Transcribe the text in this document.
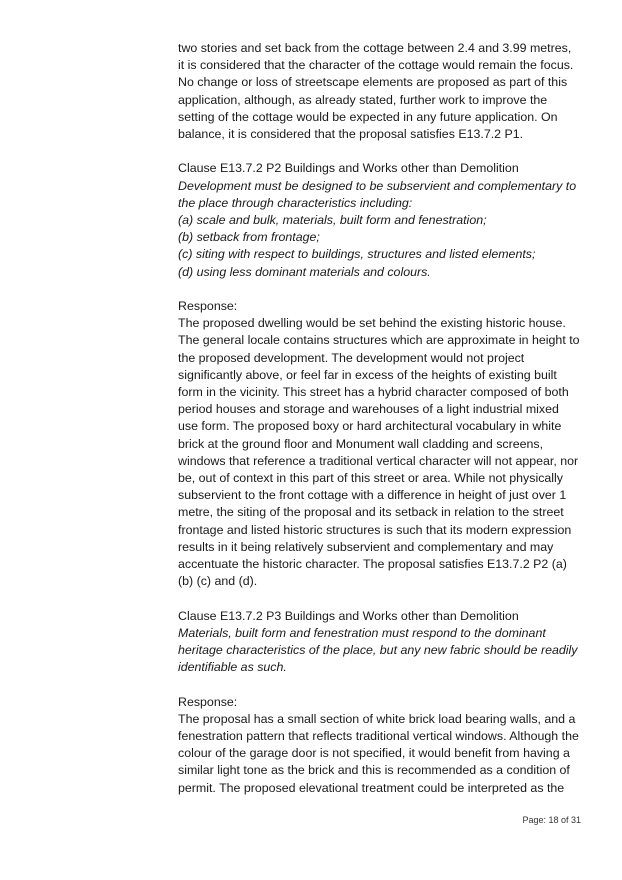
two stories and set back from the cottage between 2.4 and 3.99 metres, it is considered that the character of the cottage would remain the focus. No change or loss of streetscape elements are proposed as part of this application, although, as already stated, further work to improve the setting of the cottage would be expected in any future application. On balance, it is considered that the proposal satisfies E13.7.2 P1.

Clause E13.7.2 P2 Buildings and Works other than Demolition

Development must be designed to be subservient and complementary to the place through characteristics including:

(a) scale and bulk, materials, built form and fenestration;

(b) setback from frontage;

(c) siting with respect to buildings, structures and listed elements;

(d) using less dominant materials and colours.

Response:

The proposed dwelling would be set behind the existing historic house. The general locale contains structures which are approximate in height to the proposed development. The development would not project significantly above, or feel far in excess of the heights of existing built form in the vicinity. This street has a hybrid character composed of both period houses and storage and warehouses of a light industrial mixed use form. The proposed boxy or hard architectural vocabulary in white brick at the ground floor and Monument wall cladding and screens, windows that reference a traditional vertical character will not appear, nor be, out of context in this part of this street or area. While not physically subservient to the front cottage with a difference in height of just over 1 metre, the siting of the proposal and its setback in relation to the street frontage and listed historic structures is such that its modern expression results in it being relatively subservient and complementary and may accentuate the historic character. The proposal satisfies E13.7.2 P2 (a) (b) (c) and (d).

Clause E13.7.2 P3 Buildings and Works other than Demolition

Materials, built form and fenestration must respond to the dominant heritage characteristics of the place, but any new fabric should be readily identifiable as such.

Response:

The proposal has a small section of white brick load bearing walls, and a fenestration pattern that reflects traditional vertical windows. Although the colour of the garage door is not specified, it would benefit from having a similar light tone as the brick and this is recommended as a condition of permit. The proposed elevational treatment could be interpreted as the

Page: 18 of 31
